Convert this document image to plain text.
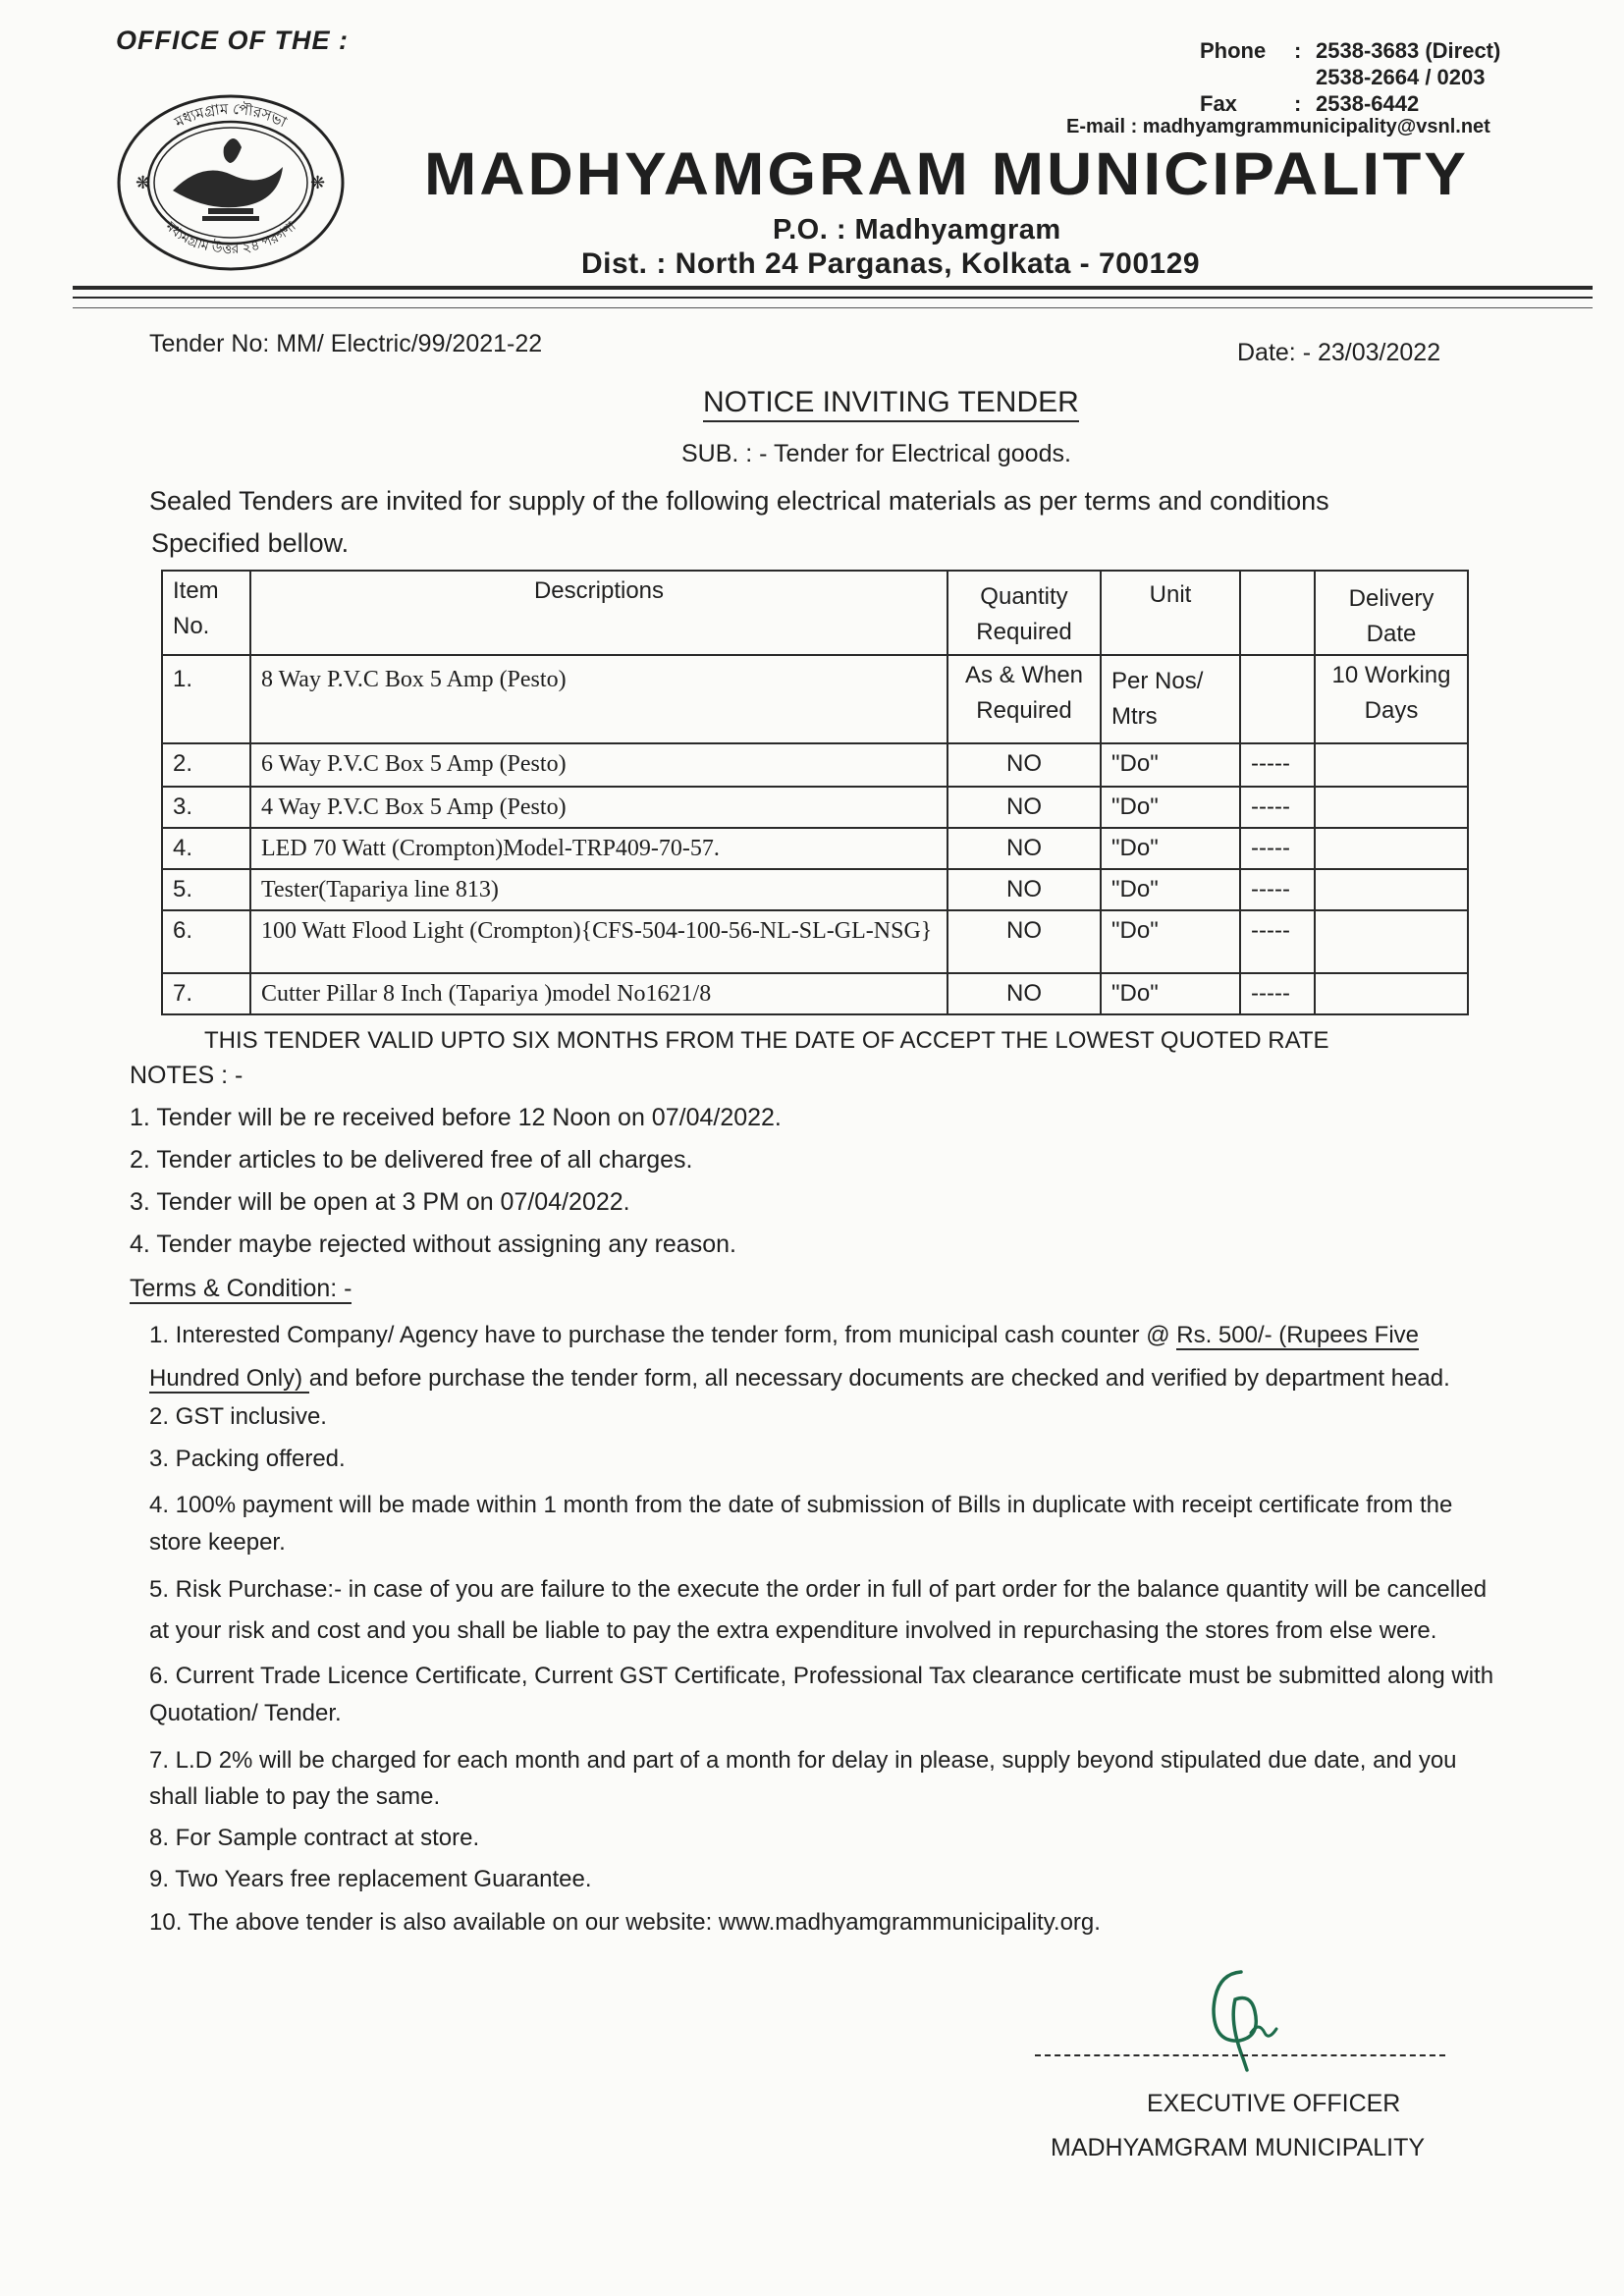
OFFICE OF THE :	Phone	: 2538-3683 (Direct)
2538-2664 / 0203
Fax	: 2538-6442
E-mail : madhyamgrammunicipality@vsnl.net
❋	❋
মধ্যমগ্রাম পৌরসভা
মধ্যমগ্রাম উত্তর ২৪ পরগণা
MADHYAMGRAM MUNICIPALITY
P.O. : Madhyamgram
Dist. : North 24 Parganas, Kolkata - 700129
Tender No: MM/ Electric/99/2021-22	Date: - 23/03/2022
NOTICE INVITING TENDER
SUB. : - Tender for Electrical goods.
Sealed Tenders are invited for supply of the following electrical materials as per terms and conditions
Specified bellow.
Item No.	Descriptions	Quantity Required	Unit		Delivery Date
1.	8 Way P.V.C Box 5 Amp (Pesto)	As & When Required	Per Nos/ Mtrs		10 Working Days
2.	6 Way P.V.C Box 5 Amp (Pesto)	NO	"Do"	-----	
3.	4 Way P.V.C Box 5 Amp (Pesto)	NO	"Do"	-----	
4.	LED 70 Watt (Crompton)Model-TRP409-70-57.	NO	"Do"	-----	
5.	Tester(Tapariya line 813)	NO	"Do"	-----	
6.	100 Watt Flood Light (Crompton){CFS-504-100-56-NL-SL-GL-NSG}	NO	"Do"	-----	
7.	Cutter Pillar 8 Inch (Tapariya )model No1621/8	NO	"Do"	-----	
THIS TENDER VALID UPTO SIX MONTHS FROM THE DATE OF ACCEPT THE LOWEST QUOTED RATE
NOTES : -
1. Tender will be re received before 12 Noon on 07/04/2022.
2. Tender articles to be delivered free of all charges.
3. Tender will be open at 3 PM on 07/04/2022.
4. Tender maybe rejected without assigning any reason.
Terms & Condition: -
1. Interested Company/ Agency have to purchase the tender form, from municipal cash counter @ Rs. 500/- (Rupees Five
Hundred Only) and before purchase the tender form, all necessary documents are checked and verified by department head.
2. GST inclusive.
3. Packing offered.
4. 100% payment will be made within 1 month from the date of submission of Bills in duplicate with receipt certificate from the
store keeper.
5. Risk Purchase:- in case of you are failure to the execute the order in full of part order for the balance quantity will be cancelled
at your risk and cost and you shall be liable to pay the extra expenditure involved in repurchasing the stores from else were.
6. Current Trade Licence Certificate, Current GST Certificate, Professional Tax clearance certificate must be submitted along with
Quotation/ Tender.
7. L.D 2% will be charged for each month and part of a month for delay in please, supply beyond stipulated due date, and you
shall liable to pay the same.
8. For Sample contract at store.
9. Two Years free replacement Guarantee.
10. The above tender is also available on our website: www.madhyamgrammunicipality.org.
EXECUTIVE OFFICER
MADHYAMGRAM MUNICIPALITY
